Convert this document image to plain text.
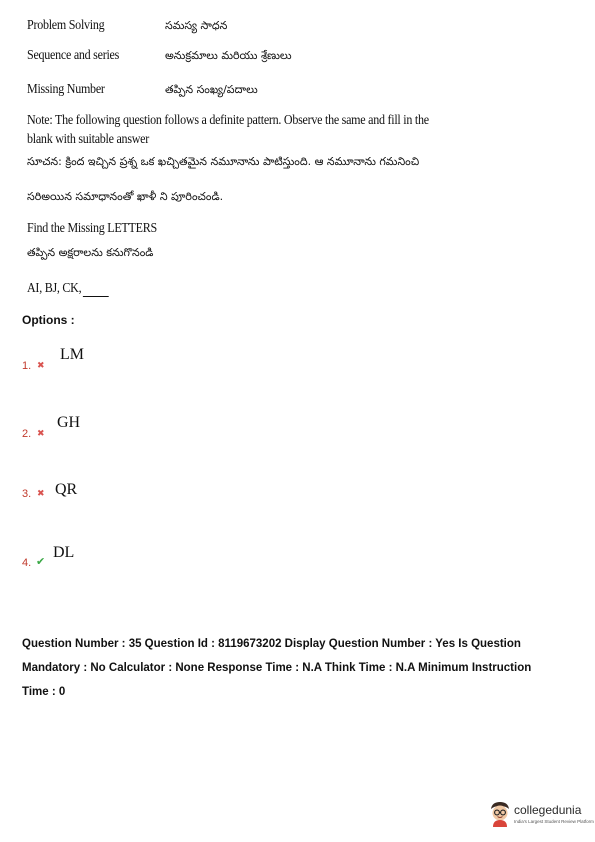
Problem Solving	సమస్య సాధన
Sequence and series	అనుక్రమాలు మరియు శ్రేణులు
Missing Number	తప్పిన సంఖ్య/పదాలు
Note: The following question follows a definite pattern. Observe the same and fill in the
blank with suitable answer
సూచన: క్రింద ఇచ్చిన ప్రశ్న ఒక ఖచ్చితమైన నమూనాను పాటిస్తుంది. ఆ నమూనాను గమనించి
సరిఅయిన సమాధానంతో ఖాళీ ని పూరించండి.
Find the Missing LETTERS
తప్పిన అక్షరాలను కనుగొనండి
AI, BJ, CK,
Options :
1. ✖
LM
2. ✖
GH
3. ✖ QR
4. ✔
DL
Question Number : 35 Question Id : 8119673202 Display Question Number : Yes Is Question
Mandatory : No Calculator : None Response Time : N.A Think Time : N.A Minimum Instruction
Time : 0
collegedunia
India's Largest Student Review Platform
